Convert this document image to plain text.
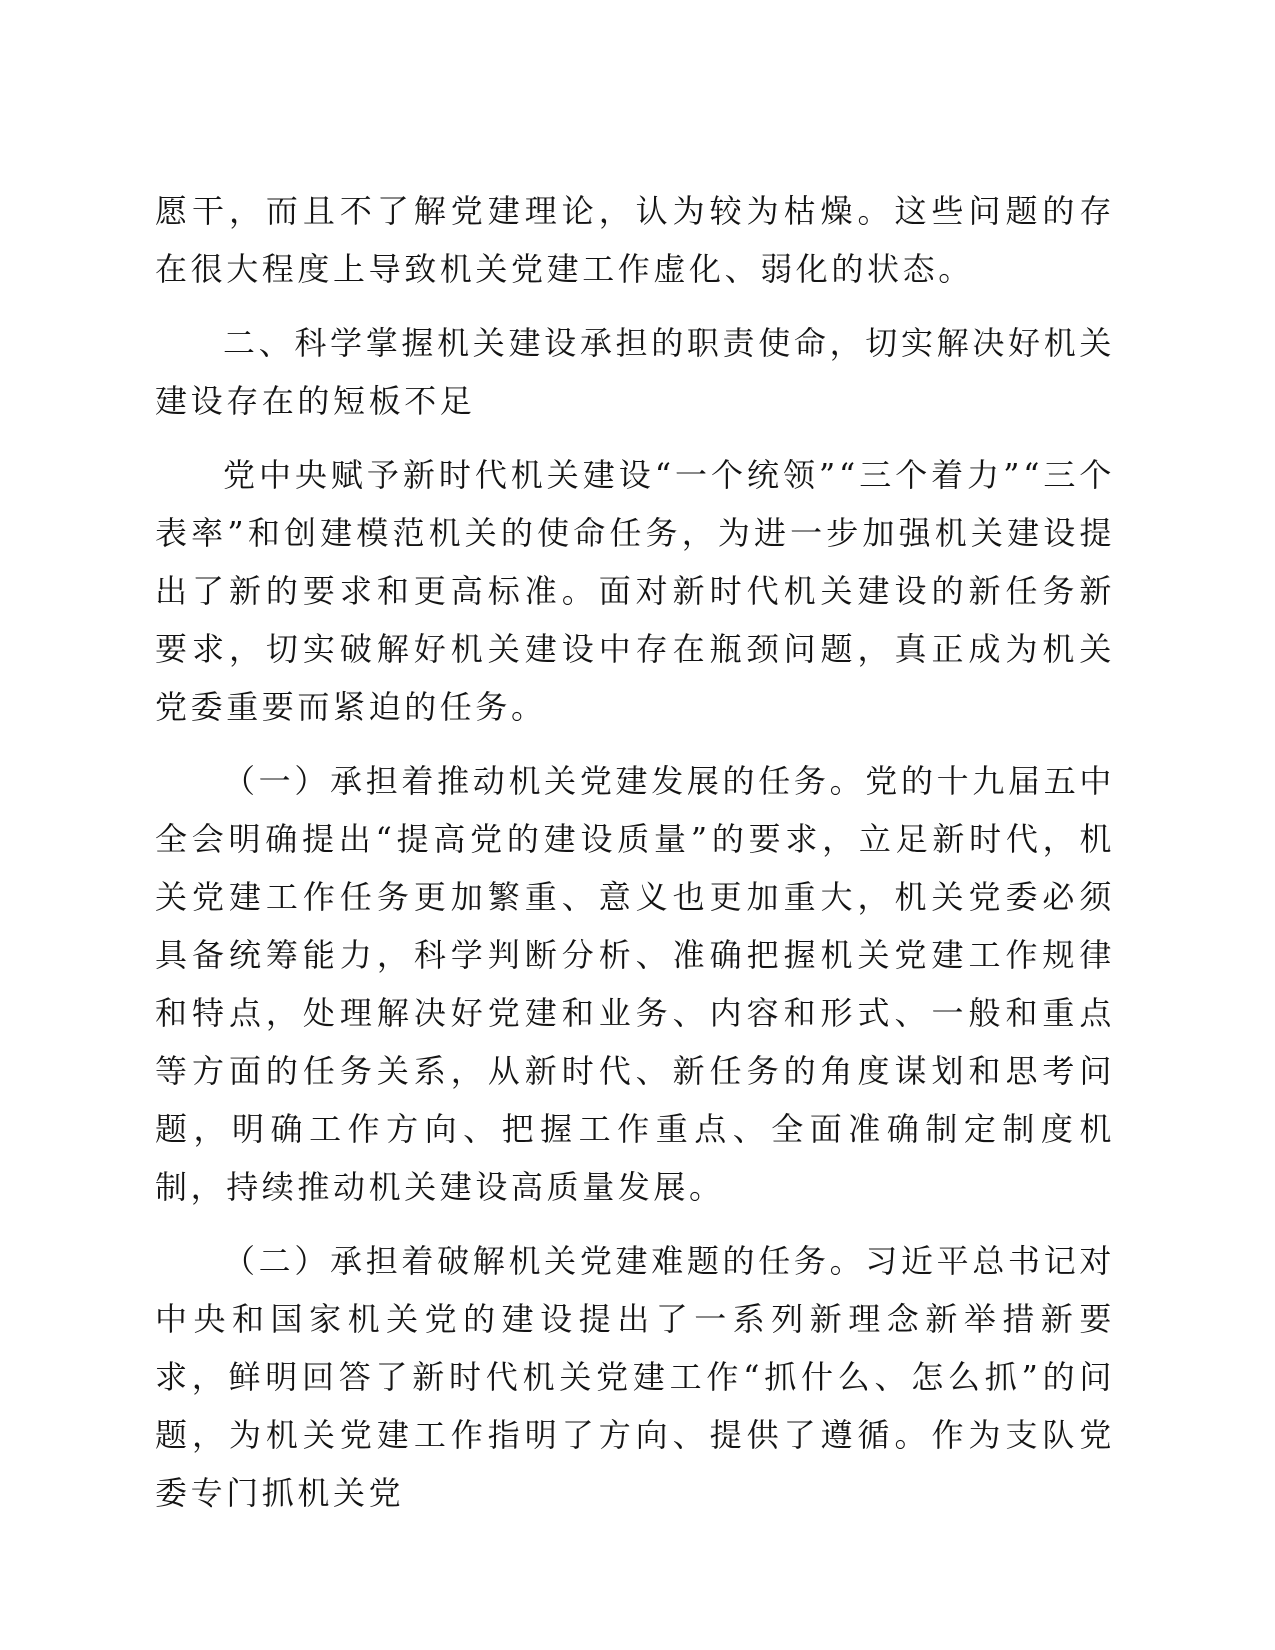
愿干，而且不了解党建理论，认为较为枯燥。这些问题的存在很大程度上导致机关党建工作虚化、弱化的状态。

二、科学掌握机关建设承担的职责使命，切实解决好机关建设存在的短板不足

党中央赋予新时代机关建设“一个统领”“三个着力”“三个表率”和创建模范机关的使命任务，为进一步加强机关建设提出了新的要求和更高标准。面对新时代机关建设的新任务新要求，切实破解好机关建设中存在瓶颈问题，真正成为机关党委重要而紧迫的任务。

（一）承担着推动机关党建发展的任务。党的十九届五中全会明确提出“提高党的建设质量”的要求，立足新时代，机关党建工作任务更加繁重、意义也更加重大，机关党委必须具备统筹能力，科学判断分析、准确把握机关党建工作规律和特点，处理解决好党建和业务、内容和形式、一般和重点等方面的任务关系，从新时代、新任务的角度谋划和思考问题，明确工作方向、把握工作重点、全面准确制定制度机制，持续推动机关建设高质量发展。

（二）承担着破解机关党建难题的任务。习近平总书记对中央和国家机关党的建设提出了一系列新理念新举措新要求，鲜明回答了新时代机关党建工作“抓什么、怎么抓”的问题，为机关党建工作指明了方向、提供了遵循。作为支队党委专门抓机关党
